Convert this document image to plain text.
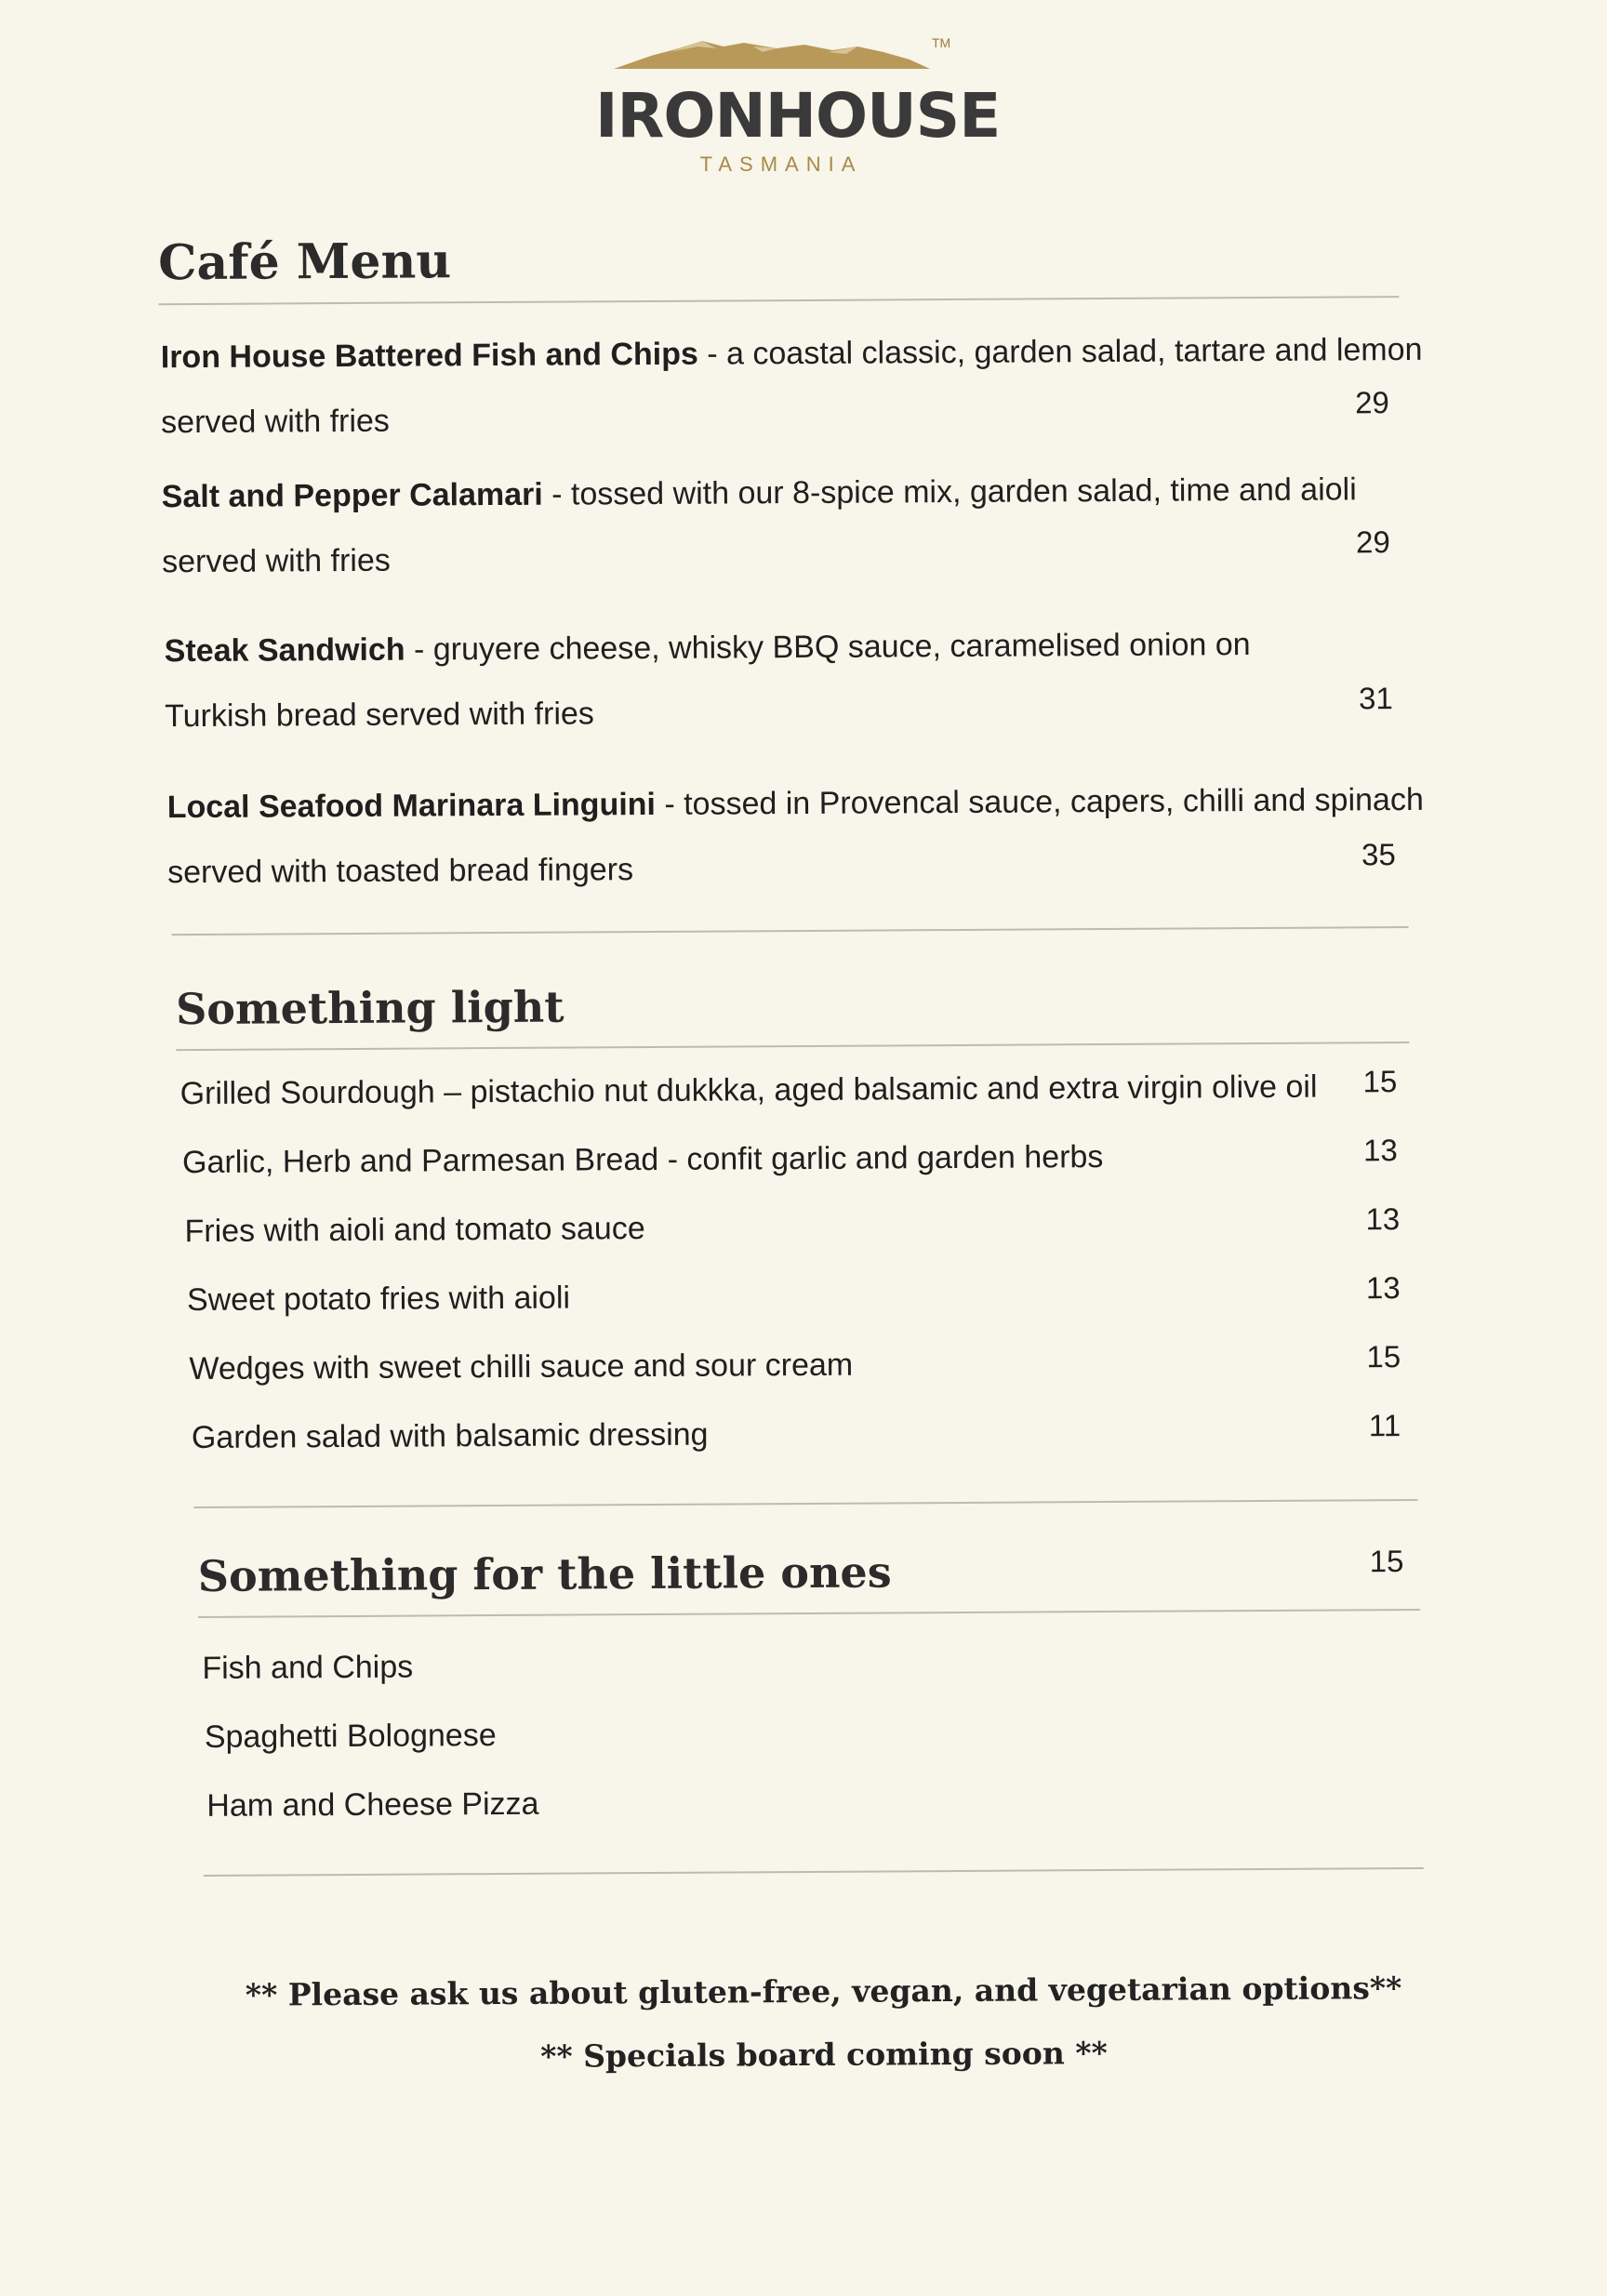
TM
IRONHOUSE
TASMANIA
Café Menu
Iron House Battered Fish and Chips - a coastal classic, garden salad, tartare and lemon
served with fries
29
Salt and Pepper Calamari - tossed with our 8-spice mix, garden salad, time and aioli
served with fries
29
Steak Sandwich - gruyere cheese, whisky BBQ sauce, caramelised onion on
Turkish bread served with fries	31
Local Seafood Marinara Linguini - tossed in Provencal sauce, capers, chilli and spinach
served with toasted bread fingers	35
Something light
Grilled Sourdough – pistachio nut dukkka, aged balsamic and extra virgin olive oil 15
Garlic, Herb and Parmesan Bread - confit garlic and garden herbs	13
Fries with aioli and tomato sauce	13
Sweet potato fries with aioli	13
Wedges with sweet chilli sauce and sour cream	15
Garden salad with balsamic dressing	11
Something for the little ones	15
Fish and Chips
Spaghetti Bolognese
Ham and Cheese Pizza
** Please ask us about gluten-free, vegan, and vegetarian options**
** Specials board coming soon **
